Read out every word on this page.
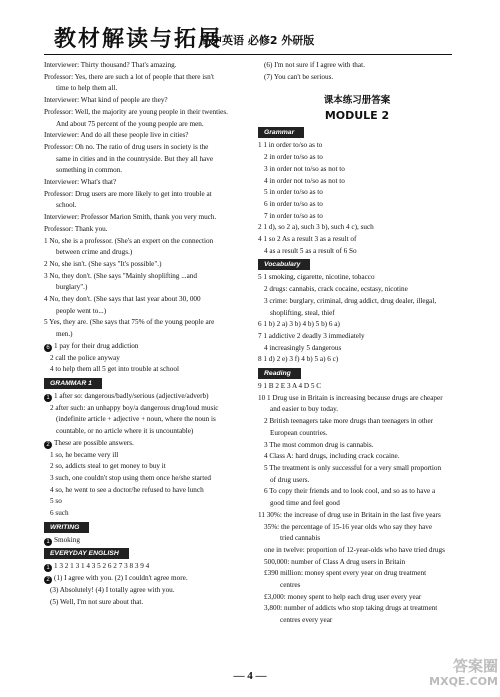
教材解读与拓展
高中英语 必修2 外研版
Interviewer: Thirty thousand? That's amazing.
Professor: Yes, there are such a lot of people that there isn't
time to help them all.
Interviewer: What kind of people are they?
Professor: Well, the majority are young people in their twenties.
And about 75 percent of the young people are men.
Interviewer: And do all these people live in cities?
Professor: Oh no. The ratio of drug users in society is the
same in cities and in the countryside. But they all have
something in common.
Interviewer: What's that?
Professor: Drug users are more likely to get into trouble at
school.
Interviewer: Professor Marion Smith, thank you very much.
Professor: Thank you.
1 No, she is a professor. (She's an expert on the connection
between crime and drugs.)
2 No, she isn't. (She says "It's possible".)
3 No, they don't. (She says "Mainly shoplifting ...and
burglary".)
4 No, they don't. (She says that last year about 30, 000
people went to...)
5 Yes, they are. (She says that 75% of the young people are
men.)
6 1 pay for their drug addiction
2 call the police anyway
4 to help them all 5 get into trouble at school
GRAMMAR 1
1 1 after so: dangerous/badly/serious (adjective/adverb)
2 after such: an unhappy boy/a dangerous drug/loud music
(indefinite article + adjective + noun, where the noun is
countable, or no article where it is uncountable)
2 These are possible answers.
1 so, he became very ill
2 so, addicts steal to get money to buy it
3 such, one couldn't stop using them once he/she started
4 so, he went to see a doctor/he refused to have lunch
5 so
6 such
WRITING
1 Smoking
EVERYDAY ENGLISH
1 1 3 2 1 3 1 4 3 5 2 6 2 7 3 8 3 9 4
2 (1) I agree with you. (2) I couldn't agree more.
(3) Absolutely! (4) I totally agree with you.
(5) Well, I'm not sure about that.
(6) I'm not sure if I agree with that.
(7) You can't be serious.
课本练习册答案
MODULE 2
Grammar
1 1 in order to/so as to
2 in order to/so as to
3 in order not to/so as not to
4 in order not to/so as not to
5 in order to/so as to
6 in order to/so as to
7 in order to/so as to
2 1 d), so 2 a), such 3 b), such 4 c), such
4 1 so 2 As a result 3 as a result of
4 as a result 5 as a result of 6 So
Vocabulary
5 1 smoking, cigarette, nicotine, tobacco
2 drugs: cannabis, crack cocaine, ecstasy, nicotine
3 crime: burglary, criminal, drug addict, drug dealer, illegal,
shoplifting, steal, thief
6 1 b) 2 a) 3 b) 4 b) 5 b) 6 a)
7 1 addictive 2 deadly 3 immediately
4 increasingly 5 dangerous
8 1 d) 2 e) 3 f) 4 b) 5 a) 6 c)
Reading
9 1 B 2 E 3 A 4 D 5 C
10 1 Drug use in Britain is increasing because drugs are cheaper
and easier to buy today.
2 British teenagers take more drugs than teenagers in other
European countries.
3 The most common drug is cannabis.
4 Class A: hard drugs, including crack cocaine.
5 The treatment is only successful for a very small proportion
of drug users.
6 To copy their friends and to look cool, and so as to have a
good time and feel good
11 30%: the increase of drug use in Britain in the last five years
35%: the percentage of 15-16 year olds who say they have
tried cannabis
one in twelve: proportion of 12-year-olds who have tried drugs
500,000: number of Class A drug users in Britain
£390 million: money spent every year on drug treatment
centres
£3,000: money spent to help each drug user every year
3,800: number of addicts who stop taking drugs at treatment
centres every year
— 4 —
答案圈
MXQE.COM
